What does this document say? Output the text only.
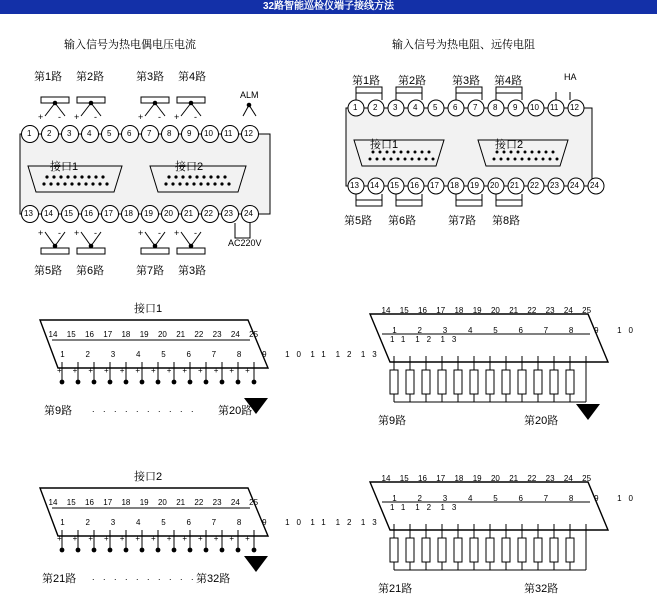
32路智能巡检仪端子接线方法
输入信号为热电偶电压电流
第1路 第2路	第3路 第4路
ALM
+ - + -	+ - + -
1 2 3 4 5 6 7 8 9 10 11 12
接口1	接口2
13 14 15 16 17 18 19 20 21 22 23 24
+ - + -	+ - + -
AC220V
第5路 第6路	第7路 第3路
输入信号为热电阻、远传电阻
第1路 第2路 第3路 第4路	HA
1 2 3 4 5 6 7 8 9 10 11 12
接口1	接口2
13 14 15 16 17 18 19 20 21 22 23 24 24
第5路 第6路	第7路 第8路
接口1
14 15 16 17 18 19 20 21 22 23 24 25
1 2 3 4 5 6 7 8 9 10 11 12 13
+++++++++++++
第9路 . . . . . . . . . . 第20路
14 15 16 17 18 19 20 21 22 23 24 25
1 2 3 4 5 6 7 8 9 10 11 12 13
第9路	第20路
接口2
14 15 16 17 18 19 20 21 22 23 24 25
1 2 3 4 5 6 7 8 9 10 11 12 13
+++++++++++++
第21路 . . . . . . . . . . 第32路
14 15 16 17 18 19 20 21 22 23 24 25
1 2 3 4 5 6 7 8 9 10 11 12 13
第21路	第32路
